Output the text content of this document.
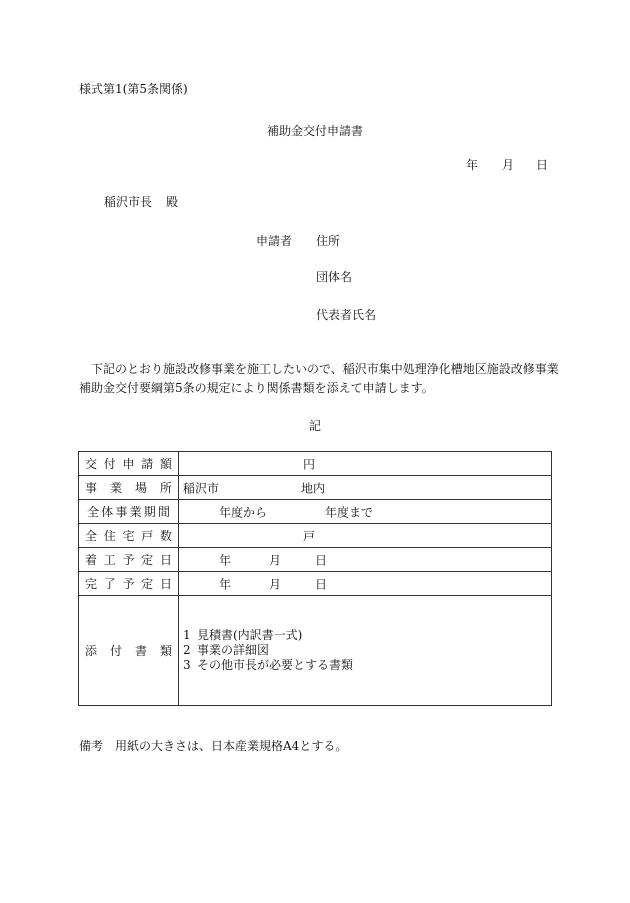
様式第1(第5条関係)
補助金交付申請書
年 月 日
稲沢市長 殿
申請者 住所
団体名
代表者氏名

下記のとおり施設改修事業を施工したいので、稲沢市集中処理浄化槽地区施設改修事業

補助金交付要綱第5条の規定により関係書類を添えて申請します。

記
交付申請額	円

事業場所	稲沢市 地内

全体事業期間	年度から 年度まで

全住宅戸数	戸

着工予定日	年 月 日

完了予定日	年 月 日

添付書類	1 見積書(内訳書一式)
2 事業の詳細図
3 その他市長が必要とする書類
備考 用紙の大きさは、日本産業規格A4とする。
